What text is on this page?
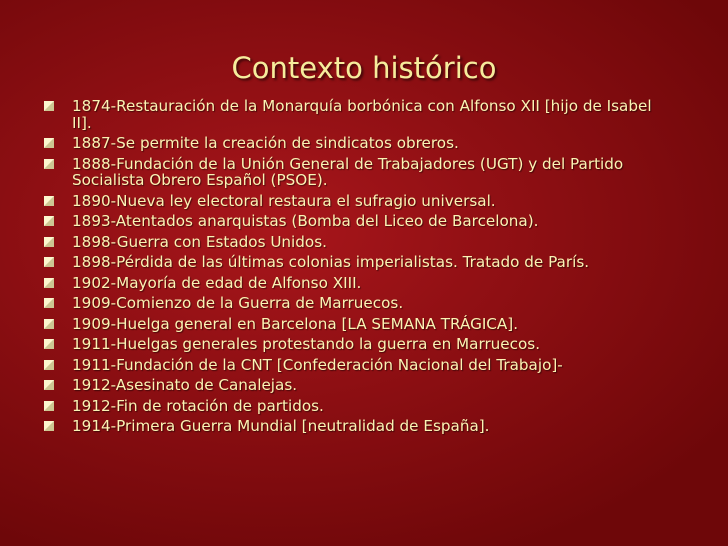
Contexto histórico
1874-Restauración de la Monarquía borbónica con Alfonso XII [hijo de Isabel II].
1887-Se permite la creación de sindicatos obreros.
1888-Fundación de la Unión General de Trabajadores (UGT) y del Partido Socialista Obrero Español (PSOE).
1890-Nueva ley electoral restaura el sufragio universal.
1893-Atentados anarquistas (Bomba del Liceo de Barcelona).
1898-Guerra con Estados Unidos.
1898-Pérdida de las últimas colonias imperialistas. Tratado de París.
1902-Mayoría de edad de Alfonso XIII.
1909-Comienzo de la Guerra de Marruecos.
1909-Huelga general en Barcelona [LA SEMANA TRÁGICA].
1911-Huelgas generales protestando la guerra en Marruecos.
1911-Fundación de la CNT [Confederación Nacional del Trabajo]-
1912-Asesinato de Canalejas.
1912-Fin de rotación de partidos.
1914-Primera Guerra Mundial [neutralidad de España].
